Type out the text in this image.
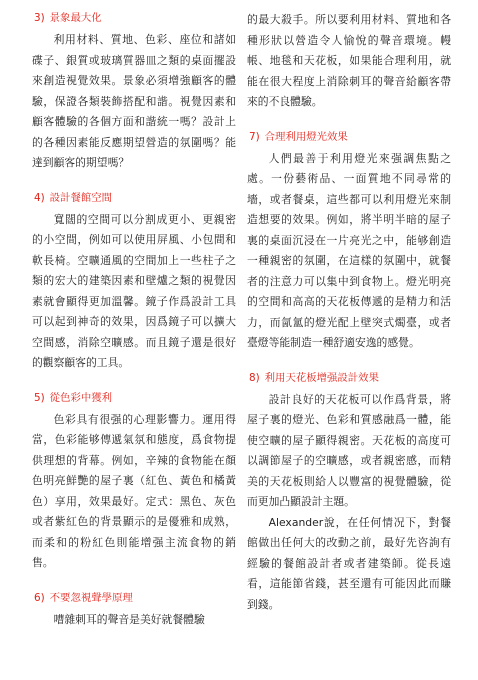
3) 景象最大化

利用材料、質地、色彩、座位和諸如碟子、銀質或玻璃質器皿之類的桌面擺設來創造視覺效果。景象必須增強顧客的體驗，保證各類裝飾搭配和諧。視覺因素和顧客體驗的各個方面和諧統一嗎？設計上的各種因素能反應期望營造的氛圍嗎？能達到顧客的期望嗎？

4) 設計餐館空間

寬闊的空間可以分割成更小、更親密的小空間，例如可以使用屏風、小包間和軟長椅。空曠通風的空間加上一些柱子之類的宏大的建築因素和壁爐之類的視覺因素就會顯得更加溫馨。鏡子作爲設計工具可以起到神奇的效果，因爲鏡子可以擴大空間感，消除空曠感。而且鏡子還是很好的觀察顧客的工具。

5) 從色彩中獲利

色彩具有很强的心理影響力。運用得當，色彩能够傳遞氣氛和態度，爲食物提供理想的背幕。例如，辛辣的食物能在顏色明亮鮮艷的屋子裏（紅色、黃色和橘黃色）享用，效果最好。定式：黑色、灰色或者紫紅色的背景顯示的是優雅和成熟，而柔和的粉紅色則能增强主流食物的銷售。

6) 不要忽視聲學原理

嘈雜刺耳的聲音是美好就餐體驗

的最大殺手。所以要利用材料、質地和各種形狀以營造令人愉悅的聲音環境。幔帳、地毯和天花板，如果能合理利用，就能在很大程度上消除刺耳的聲音給顧客帶來的不良體驗。

7) 合理利用燈光效果

人們最善于利用燈光來强調焦點之處。一份藝術品、一面質地不同尋常的墻，或者餐桌，這些都可以利用燈光來制造想要的效果。例如，將半明半暗的屋子裏的桌面沉浸在一片亮光之中，能够創造一種親密的氛圍，在這樣的氛圍中，就餐者的注意力可以集中到食物上。燈光明亮的空間和高高的天花板傳遞的是精力和活力，而氤氳的燈光配上壁突式燭臺，或者臺燈等能制造一種舒適安逸的感覺。

8) 利用天花板增强設計效果

設計良好的天花板可以作爲背景，將屋子裏的燈光、色彩和質感融爲一體，能使空曠的屋子顯得親密。天花板的高度可以調節屋子的空曠感，或者親密感，而精美的天花板則給人以豐富的視覺體驗，從而更加凸顯設計主題。

Alexander說，在任何情况下，對餐館做出任何大的改動之前，最好先咨詢有經驗的餐館設計者或者建築師。從長遠看，這能節省錢，甚至還有可能因此而賺到錢。
